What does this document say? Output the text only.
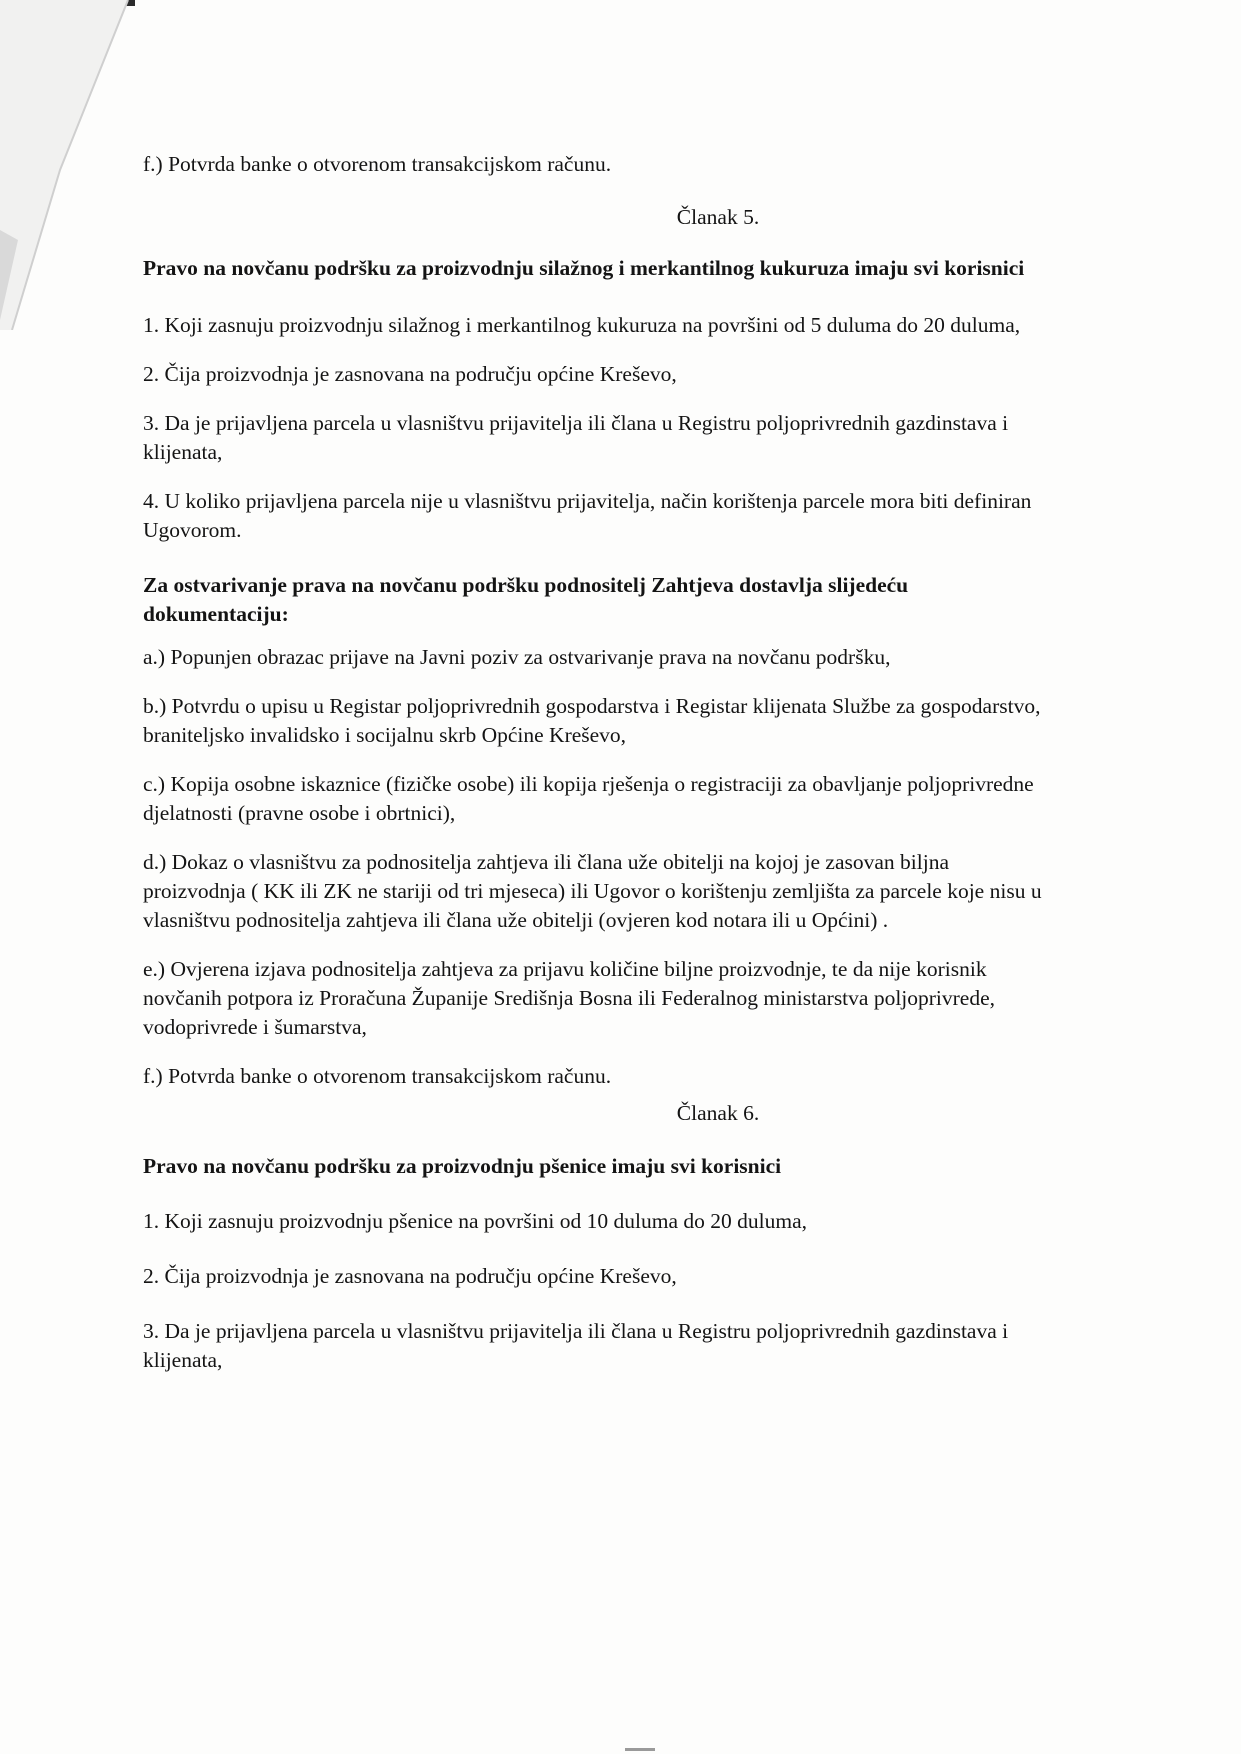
f.) Potvrda banke o otvorenom transakcijskom računu.

Članak 5.

Pravo na novčanu podršku za proizvodnju silažnog i merkantilnog kukuruza imaju svi korisnici

1. Koji zasnuju proizvodnju silažnog i merkantilnog kukuruza na površini od 5 duluma do 20 duluma,

2. Čija proizvodnja je zasnovana na području općine Kreševo,

3. Da je prijavljena parcela u vlasništvu prijavitelja ili člana u Registru poljoprivrednih gazdinstava i klijenata,

4. U koliko prijavljena parcela nije u vlasništvu prijavitelja, način korištenja parcele mora biti definiran Ugovorom.

Za ostvarivanje prava na novčanu podršku podnositelj Zahtjeva dostavlja slijedeću dokumentaciju:

a.) Popunjen obrazac prijave na Javni poziv za ostvarivanje prava na novčanu podršku,

b.) Potvrdu o upisu u Registar poljoprivrednih gospodarstva i Registar klijenata Službe za gospodarstvo, braniteljsko invalidsko i socijalnu skrb Općine Kreševo,

c.) Kopija osobne iskaznice (fizičke osobe) ili kopija rješenja o registraciji za obavljanje poljoprivredne djelatnosti (pravne osobe i obrtnici),

d.) Dokaz o vlasništvu za podnositelja zahtjeva ili člana uže obitelji na kojoj je zasovan biljna proizvodnja ( KK ili ZK ne stariji od tri mjeseca) ili Ugovor o korištenju zemljišta za parcele koje nisu u vlasništvu podnositelja zahtjeva ili člana uže obitelji (ovjeren kod notara ili u Općini) .

e.) Ovjerena izjava podnositelja zahtjeva za prijavu količine biljne proizvodnje, te da nije korisnik novčanih potpora iz Proračuna Županije Središnja Bosna ili Federalnog ministarstva poljoprivrede, vodoprivrede i šumarstva,

f.) Potvrda banke o otvorenom transakcijskom računu.

Članak 6.

Pravo na novčanu podršku za proizvodnju pšenice imaju svi korisnici

1. Koji zasnuju proizvodnju pšenice na površini od 10 duluma do 20 duluma,

2. Čija proizvodnja je zasnovana na području općine Kreševo,

3. Da je prijavljena parcela u vlasništvu prijavitelja ili člana u Registru poljoprivrednih gazdinstava i klijenata,
